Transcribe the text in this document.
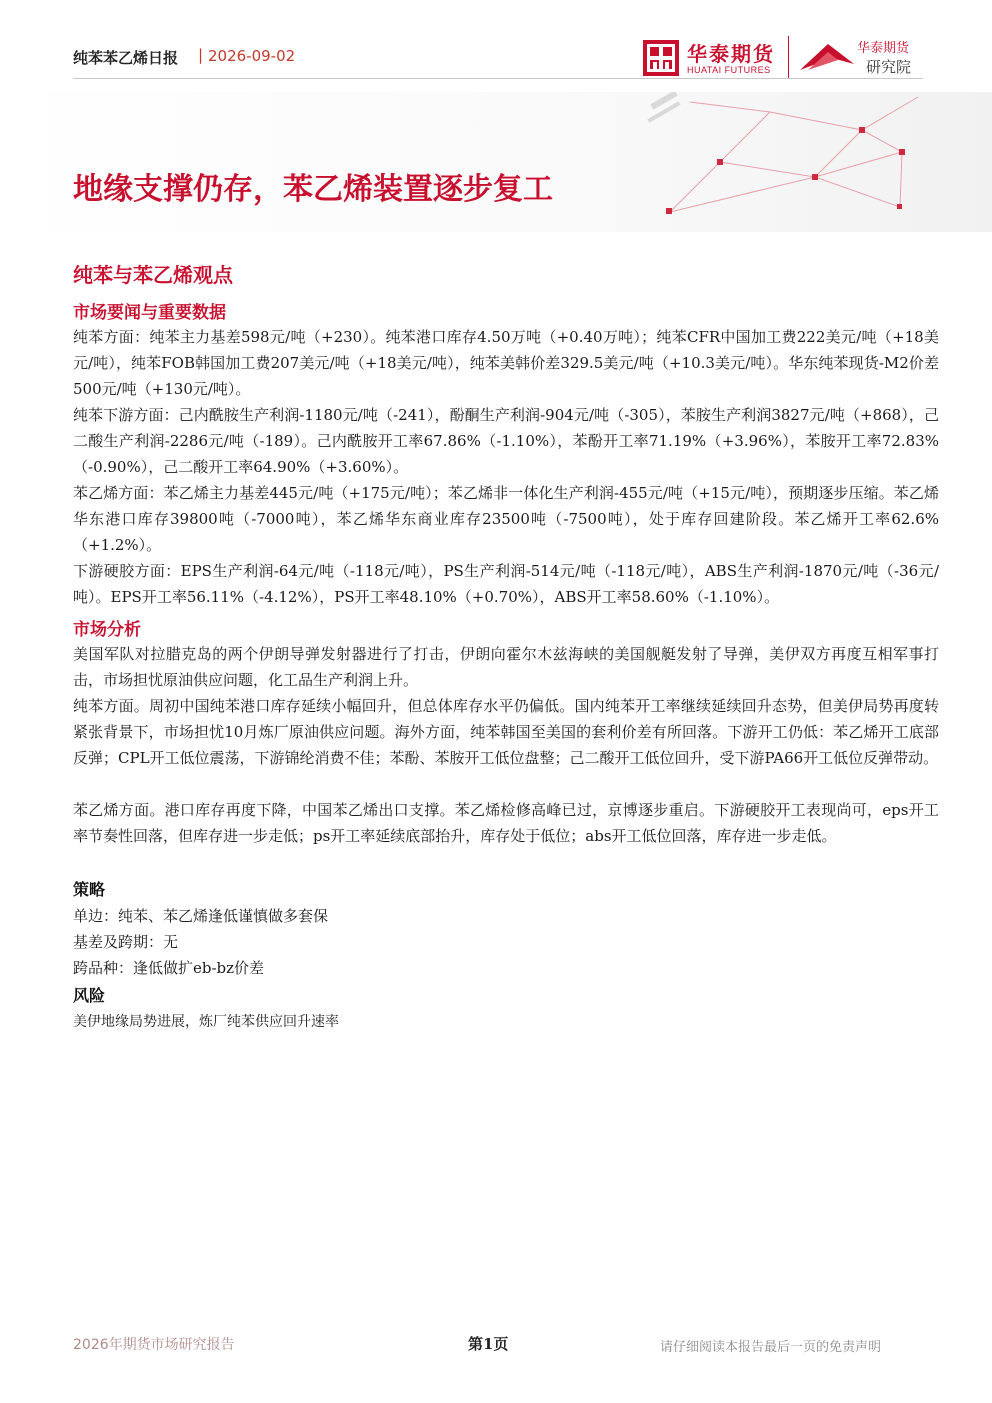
纯苯苯乙烯日报 | 2026-09-02	华泰期货
HUATAI FUTURES
华泰期货
研究院
地缘支撑仍存，苯乙烯装置逐步复工
纯苯与苯乙烯观点
市场要闻与重要数据
纯苯方面：纯苯主力基差598元/吨（+230）。纯苯港口库存4.50万吨（+0.40万吨）；纯苯CFR中国加工费222美元/吨（+18美元/吨），纯苯FOB韩国加工费207美元/吨（+18美元/吨），纯苯美韩价差329.5美元/吨（+10.3美元/吨）。华东纯苯现货-M2价差500元/吨（+130元/吨）。
纯苯下游方面：己内酰胺生产利润-1180元/吨（-241），酚酮生产利润-904元/吨（-305），苯胺生产利润3827元/吨（+868），己二酸生产利润-2286元/吨（-189）。己内酰胺开工率67.86%（-1.10%），苯酚开工率71.19%（+3.96%），苯胺开工率72.83%（-0.90%），己二酸开工率64.90%（+3.60%）。
苯乙烯方面：苯乙烯主力基差445元/吨（+175元/吨）；苯乙烯非一体化生产利润-455元/吨（+15元/吨），预期逐步压缩。苯乙烯华东港口库存39800吨（-7000吨），苯乙烯华东商业库存23500吨（-7500吨），处于库存回建阶段。苯乙烯开工率62.6%（+1.2%）。
下游硬胶方面：EPS生产利润-64元/吨（-118元/吨），PS生产利润-514元/吨（-118元/吨），ABS生产利润-1870元/吨（-36元/吨）。EPS开工率56.11%（-4.12%），PS开工率48.10%（+0.70%），ABS开工率58.60%（-1.10%）。
市场分析
美国军队对拉腊克岛的两个伊朗导弹发射器进行了打击，伊朗向霍尔木兹海峡的美国舰艇发射了导弹，美伊双方再度互相军事打击，市场担忧原油供应问题，化工品生产利润上升。
纯苯方面。周初中国纯苯港口库存延续小幅回升，但总体库存水平仍偏低。国内纯苯开工率继续延续回升态势，但美伊局势再度转紧张背景下，市场担忧10月炼厂原油供应问题。海外方面，纯苯韩国至美国的套利价差有所回落。下游开工仍低：苯乙烯开工底部反弹；CPL开工低位震荡，下游锦纶消费不佳；苯酚、苯胺开工低位盘整；己二酸开工低位回升，受下游PA66开工低位反弹带动。
苯乙烯方面。港口库存再度下降，中国苯乙烯出口支撑。苯乙烯检修高峰已过，京博逐步重启。下游硬胶开工表现尚可，eps开工率节奏性回落，但库存进一步走低；ps开工率延续底部抬升，库存处于低位；abs开工低位回落，库存进一步走低。
策略
单边：纯苯、苯乙烯逢低谨慎做多套保
基差及跨期：无
跨品种：逢低做扩eb-bz价差
风险
美伊地缘局势进展，炼厂纯苯供应回升速率
2026年期货市场研究报告	第1页	请仔细阅读本报告最后一页的免责声明
